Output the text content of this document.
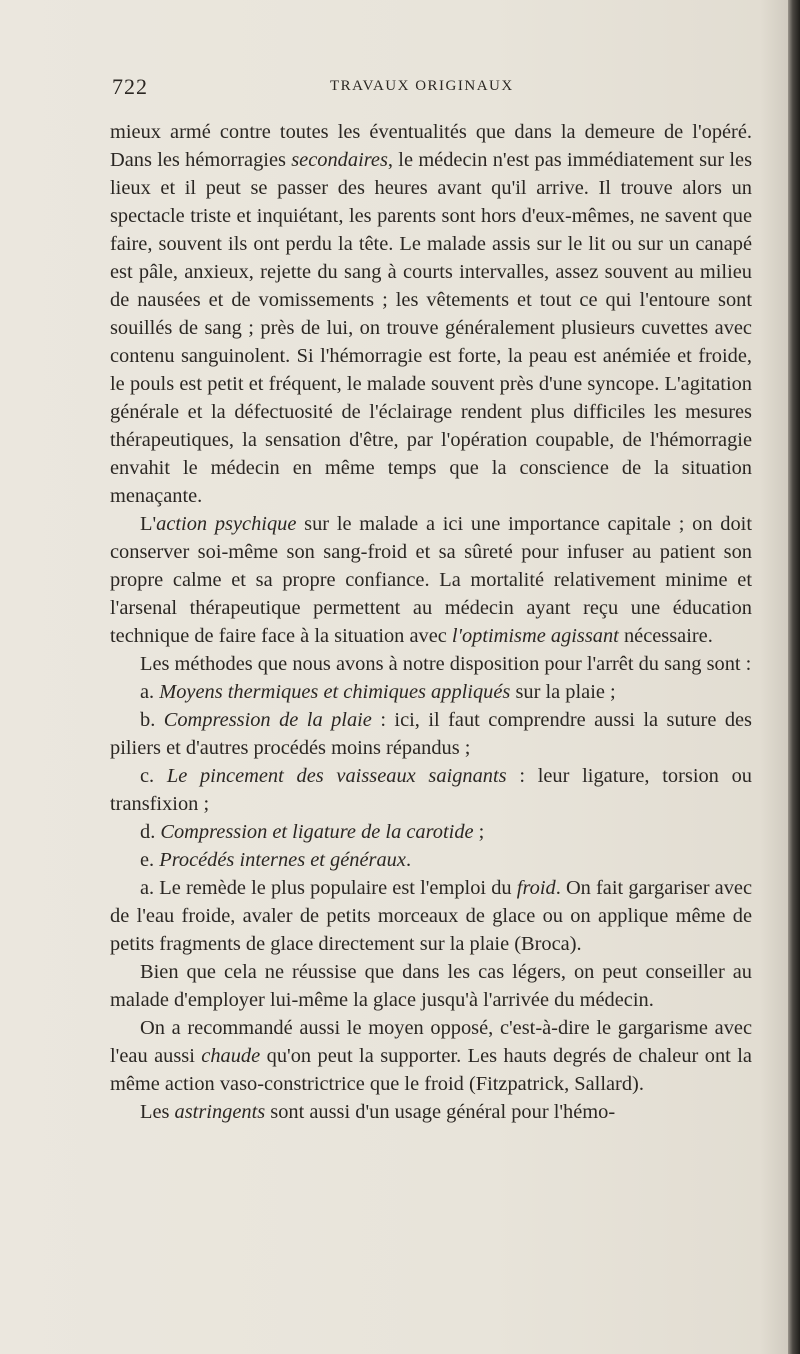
722	TRAVAUX ORIGINAUX

mieux armé contre toutes les éventualités que dans la demeure de l'opéré. Dans les hémorragies secondaires, le médecin n'est pas immédiatement sur les lieux et il peut se passer des heures avant qu'il arrive. Il trouve alors un spectacle triste et inquiétant, les parents sont hors d'eux-mêmes, ne savent que faire, souvent ils ont perdu la tête. Le malade assis sur le lit ou sur un canapé est pâle, anxieux, rejette du sang à courts intervalles, assez souvent au milieu de nausées et de vomissements ; les vêtements et tout ce qui l'entoure sont souillés de sang ; près de lui, on trouve généralement plusieurs cuvettes avec contenu sanguinolent. Si l'hémorragie est forte, la peau est anémiée et froide, le pouls est petit et fréquent, le malade souvent près d'une syncope. L'agitation générale et la défectuosité de l'éclairage rendent plus difficiles les mesures thérapeutiques, la sensation d'être, par l'opération coupable, de l'hémorragie envahit le médecin en même temps que la conscience de la situation menaçante.

L'action psychique sur le malade a ici une importance capitale ; on doit conserver soi-même son sang-froid et sa sûreté pour infuser au patient son propre calme et sa propre confiance. La mortalité relativement minime et l'arsenal thérapeutique permettent au médecin ayant reçu une éducation technique de faire face à la situation avec l'optimisme agissant nécessaire.

Les méthodes que nous avons à notre disposition pour l'arrêt du sang sont :

a. Moyens thermiques et chimiques appliqués sur la plaie ;

b. Compression de la plaie : ici, il faut comprendre aussi la suture des piliers et d'autres procédés moins répandus ;

c. Le pincement des vaisseaux saignants : leur ligature, torsion ou transfixion ;

d. Compression et ligature de la carotide ;

e. Procédés internes et généraux.

a. Le remède le plus populaire est l'emploi du froid. On fait gargariser avec de l'eau froide, avaler de petits morceaux de glace ou on applique même de petits fragments de glace directement sur la plaie (Broca).

Bien que cela ne réussise que dans les cas légers, on peut conseiller au malade d'employer lui-même la glace jusqu'à l'arrivée du médecin.

On a recommandé aussi le moyen opposé, c'est-à-dire le gargarisme avec l'eau aussi chaude qu'on peut la supporter. Les hauts degrés de chaleur ont la même action vaso-constrictrice que le froid (Fitzpatrick, Sallard).

Les astringents sont aussi d'un usage général pour l'hémo-
